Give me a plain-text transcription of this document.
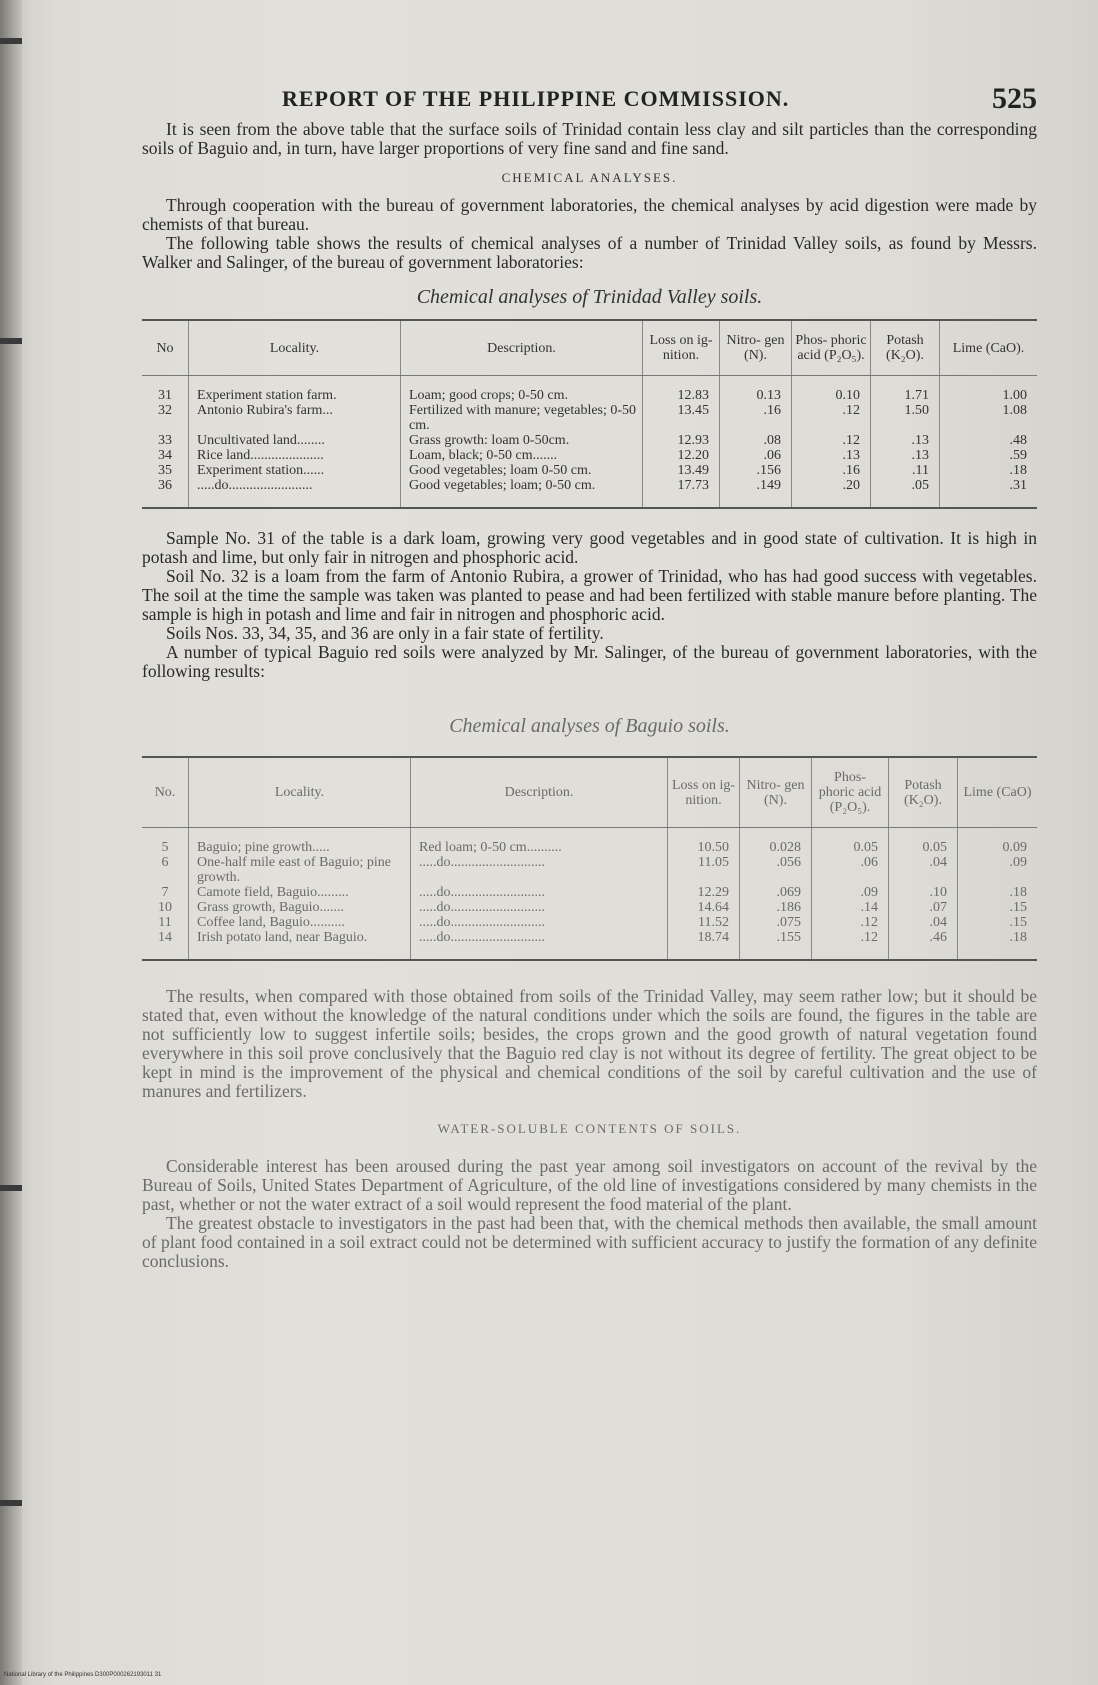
REPORT OF THE PHILIPPINE COMMISSION.	525

It is seen from the above table that the surface soils of Trinidad contain less clay and silt particles than the corresponding soils of Baguio and, in turn, have larger proportions of very fine sand and fine sand.

CHEMICAL ANALYSES.

Through cooperation with the bureau of government laboratories, the chemical analyses by acid digestion were made by chemists of that bureau.

The following table shows the results of chemical analyses of a number of Trinidad Valley soils, as found by Messrs. Walker and Salinger, of the bureau of government laboratories:

Chemical analyses of Trinidad Valley soils.
No	Locality.	Description.	Loss on ig- nition.	Nitro- gen (N).	Phos- phoric acid (P₂O₅).	Potash (K₂O).	Lime (CaO).
31	Experiment station farm.	Loam; good crops; 0-50 cm.	12.83	0.13	0.10	1.71	1.00
32	Antonio Rubira's farm...	Fertilized with manure; vegetables; 0-50 cm.	13.45	.16	.12	1.50	1.08
33	Uncultivated land........	Grass growth: loam 0-50cm.	12.93	.08	.12	.13	.48
34	Rice land.....................	Loam, black; 0-50 cm.......	12.20	.06	.13	.13	.59
35	Experiment station......	Good vegetables; loam 0-50 cm.	13.49	.156	.16	.11	.18
36	.....do........................	Good vegetables; loam; 0-50 cm.	17.73	.149	.20	.05	.31

Sample No. 31 of the table is a dark loam, growing very good vegetables and in good state of cultivation. It is high in potash and lime, but only fair in nitrogen and phosphoric acid.

Soil No. 32 is a loam from the farm of Antonio Rubira, a grower of Trinidad, who has had good success with vegetables. The soil at the time the sample was taken was planted to pease and had been fertilized with stable manure before planting. The sample is high in potash and lime and fair in nitrogen and phosphoric acid.

Soils Nos. 33, 34, 35, and 36 are only in a fair state of fertility.

A number of typical Baguio red soils were analyzed by Mr. Salinger, of the bureau of government laboratories, with the following results:

Chemical analyses of Baguio soils.
No.	Locality.	Description.	Loss on ig- nition.	Nitro- gen (N).	Phos- phoric acid (P₂O₅).	Potash (K₂O).	Lime (CaO)
5	Baguio; pine growth.....	Red loam; 0-50 cm..........	10.50	0.028	0.05	0.05	0.09
6	One-half mile east of Baguio; pine growth.	.....do...........................	11.05	.056	.06	.04	.09
7	Camote field, Baguio.........	.....do...........................	12.29	.069	.09	.10	.18
10	Grass growth, Baguio.......	.....do...........................	14.64	.186	.14	.07	.15
11	Coffee land, Baguio..........	.....do...........................	11.52	.075	.12	.04	.15
14	Irish potato land, near Baguio.	.....do...........................	18.74	.155	.12	.46	.18

The results, when compared with those obtained from soils of the Trinidad Valley, may seem rather low; but it should be stated that, even without the knowledge of the natural conditions under which the soils are found, the figures in the table are not sufficiently low to suggest infertile soils; besides, the crops grown and the good growth of natural vegetation found everywhere in this soil prove conclusively that the Baguio red clay is not without its degree of fertility. The great object to be kept in mind is the improvement of the physical and chemical conditions of the soil by careful cultivation and the use of manures and fertilizers.

WATER-SOLUBLE CONTENTS OF SOILS.

Considerable interest has been aroused during the past year among soil investigators on account of the revival by the Bureau of Soils, United States Department of Agriculture, of the old line of investigations considered by many chemists in the past, whether or not the water extract of a soil would represent the food material of the plant.

The greatest obstacle to investigators in the past had been that, with the chemical methods then available, the small amount of plant food contained in a soil extract could not be determined with sufficient accuracy to justify the formation of any definite conclusions.

National Library of the Philippines D300P000262193011 31
